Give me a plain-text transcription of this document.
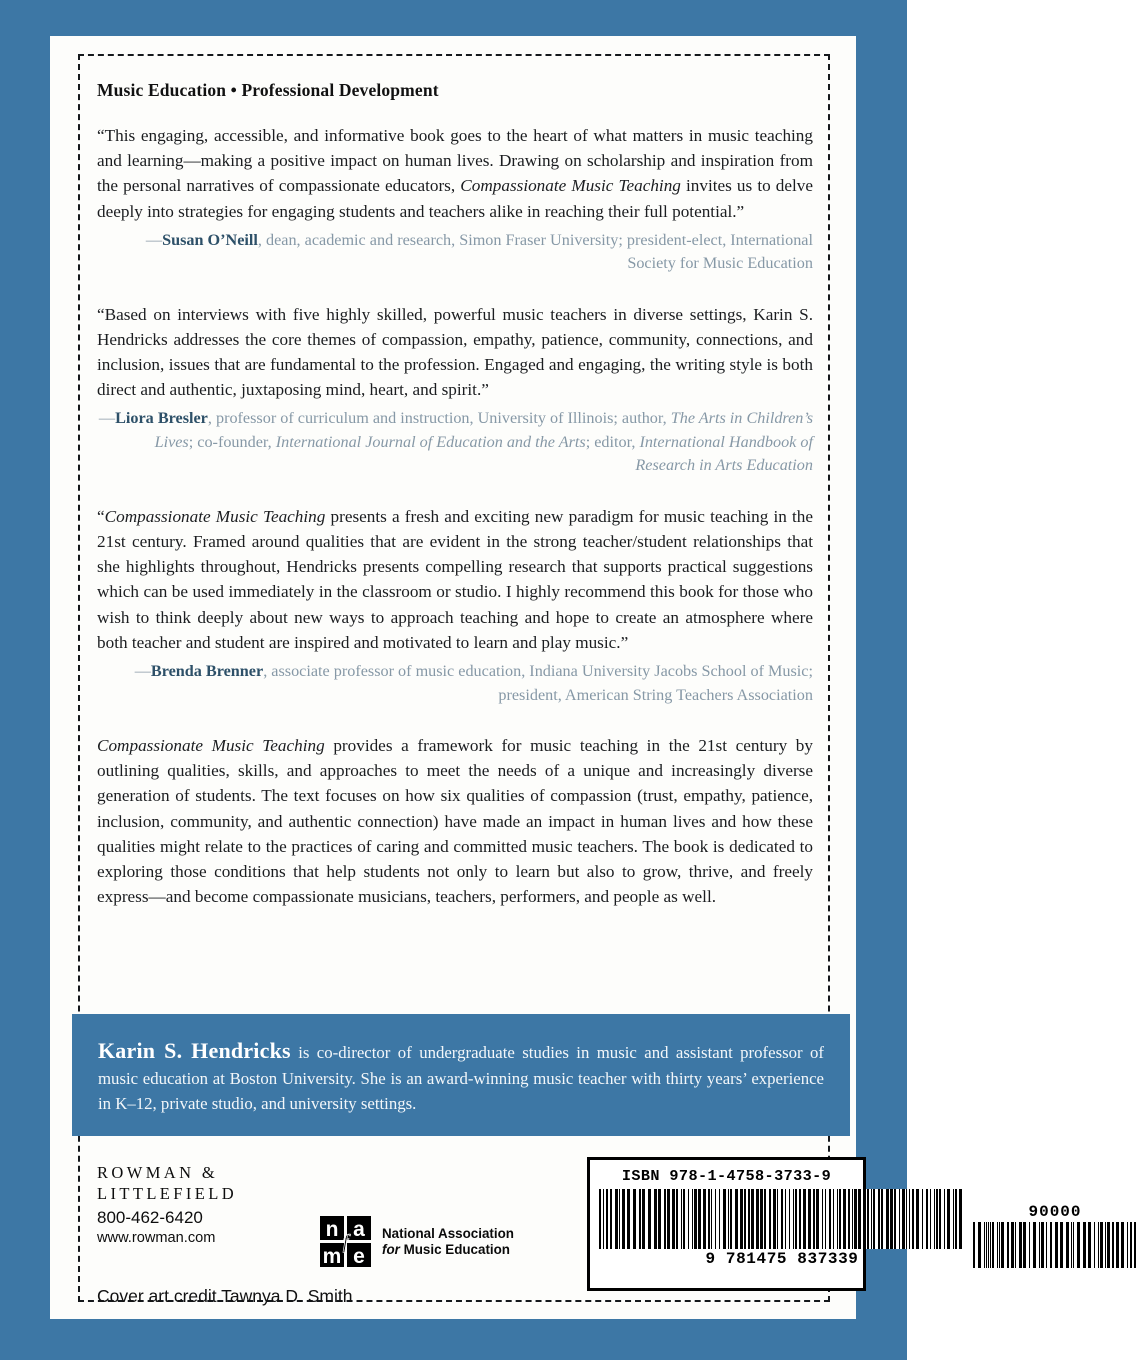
Music Education • Professional Development

“This engaging, accessible, and informative book goes to the heart of what matters in music teaching and learning—making a positive impact on human lives. Drawing on scholarship and inspiration from the personal narratives of compassionate educators, Compassionate Music Teaching invites us to delve deeply into strategies for engaging students and teachers alike in reaching their full potential.”

—Susan O’Neill, dean, academic and research, Simon Fraser University; president-elect, International Society for Music Education

“Based on interviews with five highly skilled, powerful music teachers in diverse settings, Karin S. Hendricks addresses the core themes of compassion, empathy, patience, community, connections, and inclusion, issues that are fundamental to the profession. Engaged and engaging, the writing style is both direct and authentic, juxtaposing mind, heart, and spirit.”

—Liora Bresler, professor of curriculum and instruction, University of Illinois; author, The Arts in Children’s Lives; co-founder, International Journal of Education and the Arts; editor, International Handbook of Research in Arts Education

“Compassionate Music Teaching presents a fresh and exciting new paradigm for music teaching in the 21st century. Framed around qualities that are evident in the strong teacher/student relationships that she highlights throughout, Hendricks presents compelling research that supports practical suggestions which can be used immediately in the classroom or studio. I highly recommend this book for those who wish to think deeply about new ways to approach teaching and hope to create an atmosphere where both teacher and student are inspired and motivated to learn and play music.”

—Brenda Brenner, associate professor of music education, Indiana University Jacobs School of Music; president, American String Teachers Association

Compassionate Music Teaching provides a framework for music teaching in the 21st century by outlining qualities, skills, and approaches to meet the needs of a unique and increasingly diverse generation of students. The text focuses on how six qualities of compassion (trust, empathy, patience, inclusion, community, and authentic connection) have made an impact in human lives and how these qualities might relate to the practices of caring and committed music teachers. The book is dedicated to exploring those conditions that help students not only to learn but also to grow, thrive, and freely express—and become compassionate musicians, teachers, performers, and people as well.

Karin S. Hendricks is co-director of undergraduate studies in music and assistant professor of music education at Boston University. She is an award-winning music teacher with thirty years’ experience in K–12, private studio, and university settings.

ROWMAN &
LITTLEFIELD
800-462-6420
www.rowman.com	n a
m e
f	National Association
for Music Education
Cover art credit Tawnya D. Smith
ISBN 978-1-4758-3733-9
9 781475 837339
90000
